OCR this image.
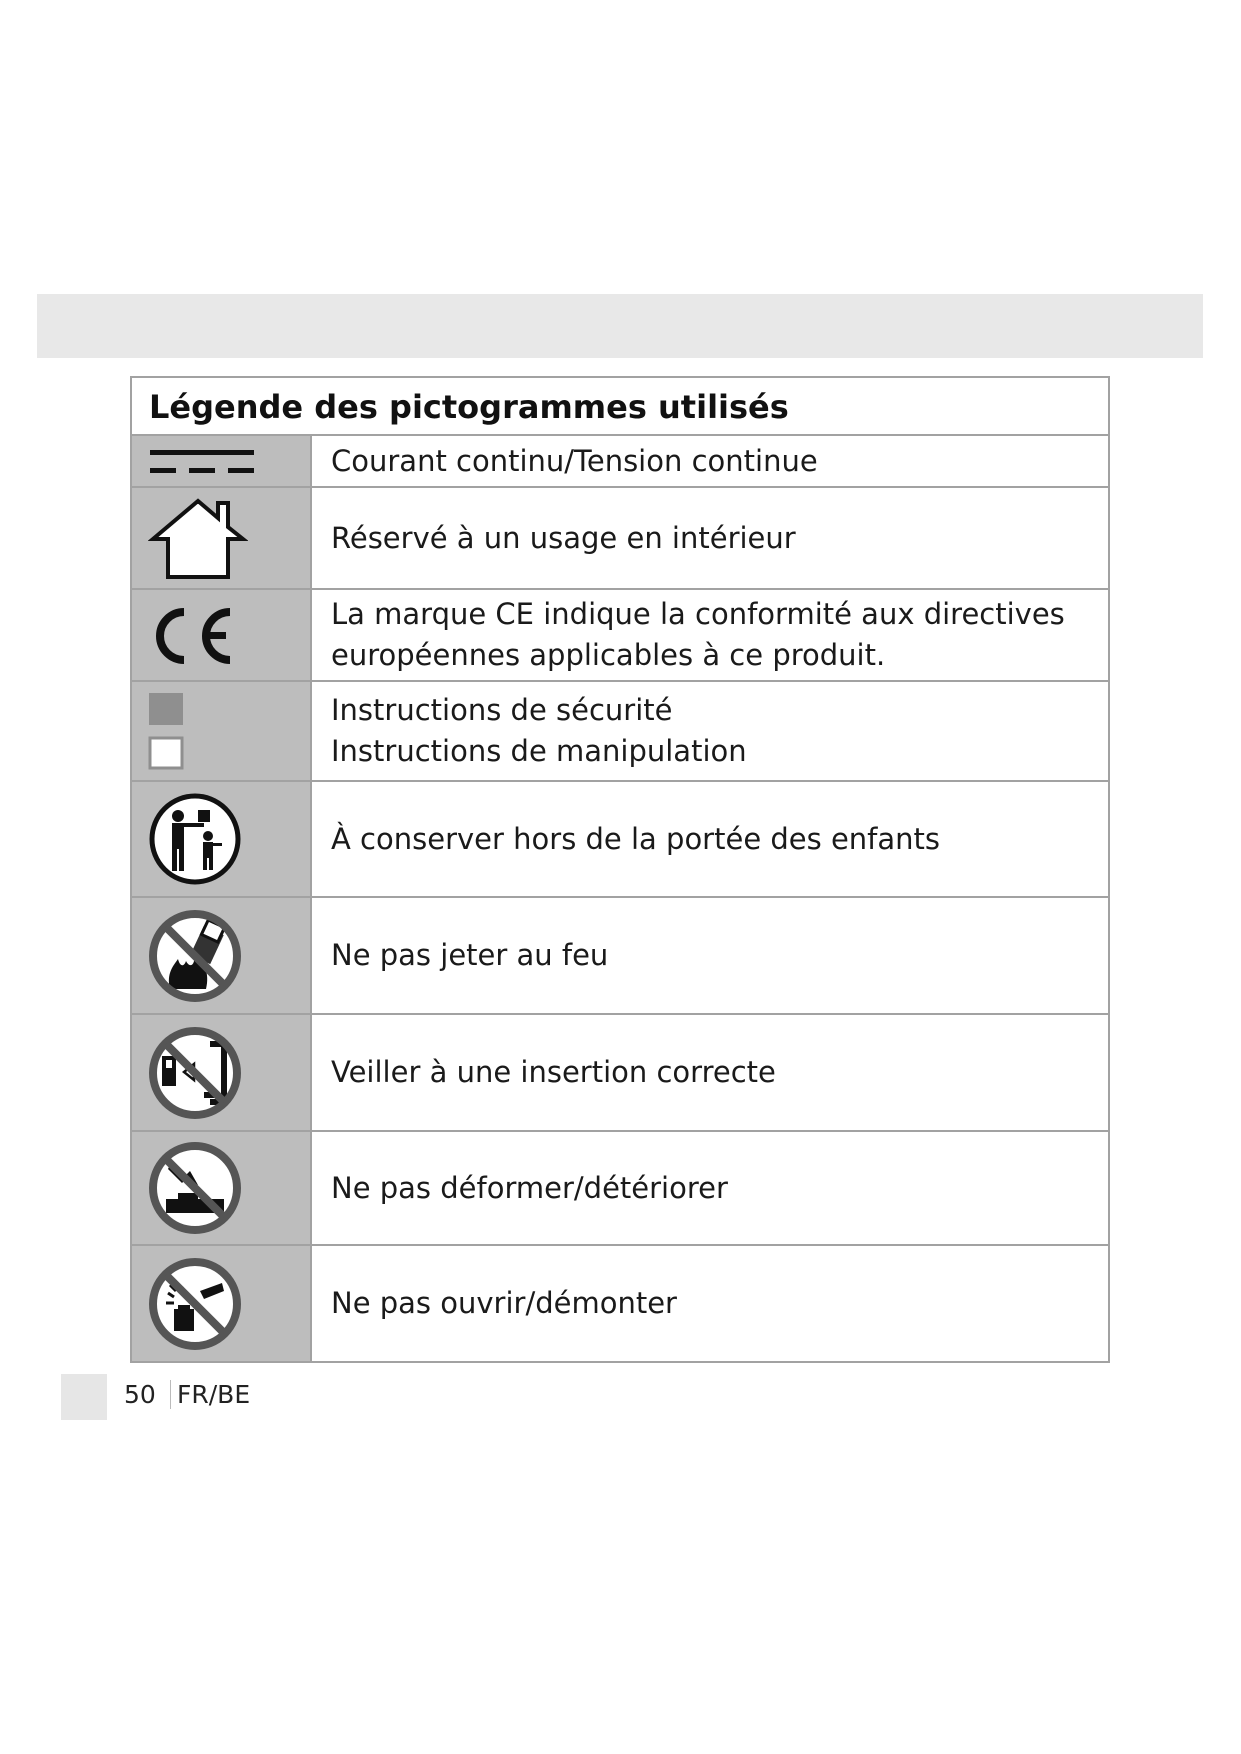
Légende des pictogrammes utilisés
Courant continu/Tension continue
Réservé à un usage en intérieur
La marque CE indique la conformité aux directives
européennes applicables à ce produit.
Instructions de sécurité
Instructions de manipulation
À conserver hors de la portée des enfants
Ne pas jeter au feu
Veiller à une insertion correcte
Ne pas déformer/détériorer
Ne pas ouvrir/démonter
50 FR/BE
